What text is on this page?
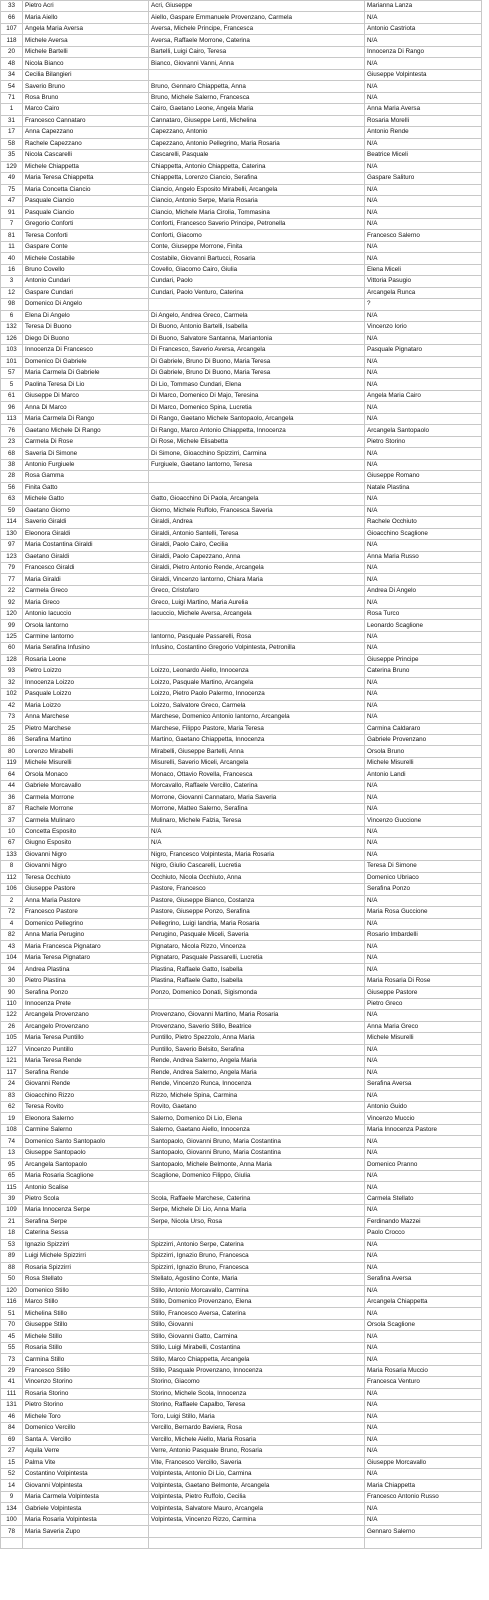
33	Pietro Acri	Acri, Giuseppe	Marianna Lanza
66	Maria Aiello	Aiello, Gaspare Emmanuele Provenzano, Carmela	N/A
107	Angela Maria Aversa	Aversa, Michele Principe, Francesca	Antonio Castriota
118	Michele Aversa	Aversa, Raffaele Morrone, Caterina	N/A
20	Michele Bartelli	Bartelli, Luigi Cairo, Teresa	Innocenza Di Rango
48	Nicola Bianco	Bianco, Giovanni Vanni, Anna	N/A
34	Cecilia Bilangieri		Giuseppe Volpintesta
54	Saverio Bruno	Bruno, Gennaro Chiappetta, Anna	N/A
71	Rosa Bruno	Bruno, Michele Salerno, Francesca	N/A
1	Marco Cairo	Cairo, Gaetano Leone, Angela Maria	Anna Maria Aversa
31	Francesco Cannataro	Cannataro, Giuseppe Lenti, Michelina	Rosaria Morelli
17	Anna Capezzano	Capezzano, Antonio	Antonio Rende
58	Rachele Capezzano	Capezzano, Antonio Pellegrino, Maria Rosaria	N/A
35	Nicola Cascarelli	Cascarelli, Pasquale	Beatrice Miceli
129	Michele Chiappetta	Chiappetta, Antonio Chiappetta, Caterina	N/A
49	Maria Teresa Chiappetta	Chiappetta, Lorenzo Ciancio, Serafina	Gaspare Salituro
75	Maria Concetta Ciancio	Ciancio, Angelo Esposito Mirabelli, Arcangela	N/A
47	Pasquale Ciancio	Ciancio, Antonio Serpe, Maria Rosaria	N/A
91	Pasquale Ciancio	Ciancio, Michele Maria Cirolia, Tommasina	N/A
7	Gregorio Conforti	Conforti, Francesco Saverio Principe, Petronella	N/A
81	Teresa Conforti	Conforti, Giacomo	Francesco Salerno
11	Gaspare Conte	Conte, Giuseppe Morrone, Finita	N/A
40	Michele Costabile	Costabile, Giovanni Bartucci, Rosaria	N/A
16	Bruno Covello	Covello, Giacomo Cairo, Giulia	Elena Miceli
3	Antonio Cundari	Cundari, Paolo	Vittoria Pasugio
12	Gaspare Cundari	Cundari, Paolo Venturo, Caterina	Arcangela Runca
98	Domenico Di Angelo		?
6	Elena Di Angelo	Di Angelo, Andrea Greco, Carmela	N/A
132	Teresa Di Buono	Di Buono, Antonio Bartelli, Isabella	Vincenzo Iorio
126	Diego Di Buono	Di Buono, Salvatore Santanna, Mariantonia	N/A
103	Innocenza Di Francesco	Di Francesco, Saverio Aversa, Arcangela	Pasquale Pignataro
101	Domenico Di Gabriele	Di Gabriele, Bruno Di Buono, Maria Teresa	N/A
57	Maria Carmela Di Gabriele	Di Gabriele, Bruno Di Buono, Maria Teresa	N/A
5	Paolina Teresa Di Lio	Di Lio, Tommaso Cundari, Elena	N/A
61	Giuseppe Di Marco	Di Marco, Domenico Di Majo, Teresina	Angela Maria Cairo
96	Anna Di Marco	Di Marco, Domenico Spina, Lucretia	N/A
113	Maria Carmela Di Rango	Di Rango, Gaetano Michele Santopaolo, Arcangela	N/A
76	Gaetano Michele Di Rango	Di Rango, Marco Antonio Chiappetta, Innocenza	Arcangela Santopaolo
23	Carmela Di Rose	Di Rose, Michele Elisabetta	Pietro Storino
68	Saveria Di Simone	Di Simone, Gioacchino Spizzirri, Carmina	N/A
38	Antonio Furgiuele	Furgiuele, Gaetano Iantorno, Teresa	N/A
28	Rosa Gamma		Giuseppe Romano
56	Finita Gatto		Natale Plastina
63	Michele Gatto	Gatto, Gioacchino Di Paola, Arcangela	N/A
59	Gaetano Giorno	Giorno, Michele Ruffolo, Francesca Saveria	N/A
114	Saverio Giraldi	Giraldi, Andrea	Rachele Occhiuto
130	Eleonora Giraldi	Giraldi, Antonio Santelli, Teresa	Gioacchino Scaglione
97	Maria Costantina Giraldi	Giraldi, Paolo Cairo, Cecilia	N/A
123	Gaetano Giraldi	Giraldi, Paolo Capezzano, Anna	Anna Maria Russo
79	Francesco Giraldi	Giraldi, Pietro Antonio Rende, Arcangela	N/A
77	Maria Giraldi	Giraldi, Vincenzo Iantorno, Chiara Maria	N/A
22	Carmela Greco	Greco, Cristofaro	Andrea Di Angelo
92	Maria Greco	Greco, Luigi Martino, Maria Aurelia	N/A
120	Antonio Iacuccio	Iacuccio, Michele Aversa, Arcangela	Rosa Turco
99	Orsola Iantorno		Leonardo Scaglione
125	Carmine Iantorno	Iantorno, Pasquale Passarelli, Rosa	N/A
60	Maria Serafina Infusino	Infusino, Costantino Gregorio Volpintesta, Petronilla	N/A
128	Rosaria Leone		Giuseppe Principe
93	Pietro Loizzo	Loizzo, Leonardo Aiello, Innocenza	Caterina Bruno
32	Innocenza Loizzo	Loizzo, Pasquale Martino, Arcangela	N/A
102	Pasquale Loizzo	Loizzo, Pietro Paolo Palermo, Innocenza	N/A
42	Maria Loizzo	Loizzo, Salvatore Greco, Carmela	N/A
73	Anna Marchese	Marchese, Domenico Antonio Iantorno, Arcangela	N/A
25	Pietro Marchese	Marchese, Filippo Pastore, Maria Teresa	Carmina Caldararo
86	Serafina Martino	Martino, Gaetano Chiappetta, Innocenza	Gabriele Provenzano
80	Lorenzo Mirabelli	Mirabelli, Giuseppe Bartelli, Anna	Orsola Bruno
119	Michele Misurelli	Misurelli, Saverio Miceli, Arcangela	Michele Misurelli
64	Orsola Monaco	Monaco, Ottavio Rovella, Francesca	Antonio Landi
44	Gabriele Morcavallo	Morcavallo, Raffaele Vercillo, Caterina	N/A
36	Carmela Morrone	Morrone, Giovanni Cannataro, Maria Saveria	N/A
87	Rachele Morrone	Morrone, Matteo Salerno, Serafina	N/A
37	Carmela Mulinaro	Mulinaro, Michele Falzia, Teresa	Vincenzo Guccione
10	Concetta Esposito	N/A	N/A
67	Giugno Esposito	N/A	N/A
133	Giovanni Nigro	Nigro, Francesco Volpintesta, Maria Rosaria	N/A
8	Giovanni Nigro	Nigro, Giulio Cascarelli, Lucretia	Teresa Di Simone
112	Teresa Occhiuto	Occhiuto, Nicola Occhiuto, Anna	Domenico Ubriaco
106	Giuseppe Pastore	Pastore, Francesco	Serafina Ponzo
2	Anna Maria Pastore	Pastore, Giuseppe Bianco, Costanza	N/A
72	Francesco Pastore	Pastore, Giuseppe Ponzo, Serafina	Maria Rosa Guccione
4	Domenico Pellegrino	Pellegrino, Luigi Iandria, Maria Rosaria	N/A
82	Anna Maria Perugino	Perugino, Pasquale Miceli, Saveria	Rosario Imbardelli
43	Maria Francesca Pignataro	Pignataro, Nicola Rizzo, Vincenza	N/A
104	Maria Teresa Pignataro	Pignataro, Pasquale Passarelli, Lucretia	N/A
94	Andrea Plastina	Plastina, Raffaele Gatto, Isabella	N/A
30	Pietro Plastina	Plastina, Raffaele Gatto, Isabella	Maria Rosaria Di Rose
90	Serafina Ponzo	Ponzo, Domenico Donati, Sigismonda	Giuseppe Pastore
110	Innocenza Prete		Pietro Greco
122	Arcangela Provenzano	Provenzano, Giovanni Martino, Maria Rosaria	N/A
26	Arcangelo Provenzano	Provenzano, Saverio Stillo, Beatrice	Anna Maria Greco
105	Maria Teresa Puntillo	Puntillo, Pietro Spezzolo, Anna Maria	Michele Misurelli
127	Vincenzo Puntillo	Puntillo, Saverio Belsito, Serafina	N/A
121	Maria Teresa Rende	Rende, Andrea Salerno, Angela Maria	N/A
117	Serafina Rende	Rende, Andrea Salerno, Angela Maria	N/A
24	Giovanni Rende	Rende, Vincenzo Runca, Innocenza	Serafina Aversa
83	Gioacchino Rizzo	Rizzo, Michele Spina, Carmina	N/A
62	Teresa Rovito	Rovito, Gaetano	Antonio Guido
19	Eleonora Salerno	Salerno, Domenico Di Lio, Elena	Vincenzo Muccio
108	Carmine Salerno	Salerno, Gaetano Aiello, Innocenza	Maria Innocenza Pastore
74	Domenico Santo Santopaolo	Santopaolo, Giovanni Bruno, Maria Costantina	N/A
13	Giuseppe Santopaolo	Santopaolo, Giovanni Bruno, Maria Costantina	N/A
95	Arcangela Santopaolo	Santopaolo, Michele Belmonte, Anna Maria	Domenico Pranno
65	Maria Rosaria Scaglione	Scaglione, Domenico Filippo, Giulia	N/A
115	Antonio Scalise		N/A
39	Pietro Scola	Scola, Raffaele Marchese, Caterina	Carmela Stellato
109	Maria Innocenza Serpe	Serpe, Michele Di Lio, Anna Maria	N/A
21	Serafina Serpe	Serpe, Nicola Urso, Rosa	Ferdinando Mazzei
18	Caterina Sessa		Paolo Crocco
53	Ignazio Spizzirri	Spizzirri, Antonio Serpe, Caterina	N/A
89	Luigi Michele Spizzirri	Spizzirri, Ignazio Bruno, Francesca	N/A
88	Rosaria Spizzirri	Spizzirri, Ignazio Bruno, Francesca	N/A
50	Rosa Stellato	Stellato, Agostino Conte, Maria	Serafina Aversa
120	Domenico Stillo	Stillo, Antonio Morcavallo, Carmina	N/A
116	Marco Stillo	Stillo, Domenico Provenzano, Elena	Arcangela Chiappetta
51	Michelina Stillo	Stillo, Francesco Aversa, Caterina	N/A
70	Giuseppe Stillo	Stillo, Giovanni	Orsola Scaglione
45	Michele Stillo	Stillo, Giovanni Gatto, Carmina	N/A
55	Rosaria Stillo	Stillo, Luigi Mirabelli, Costantina	N/A
73	Carmina Stillo	Stillo, Marco Chiappetta, Arcangela	N/A
29	Francesco Stillo	Stillo, Pasquale Provenzano, Innocenza	Maria Rosaria Muccio
41	Vincenzo Storino	Storino, Giacomo	Francesca Venturo
111	Rosaria Storino	Storino, Michele Scola, Innocenza	N/A
131	Pietro Storino	Storino, Raffaele Capalbo, Teresa	N/A
46	Michele Toro	Toro, Luigi Stillo, Maria	N/A
84	Domenico Vercillo	Vercillo, Bernardo Baviera, Rosa	N/A
69	Santa A. Vercillo	Vercillo, Michele Aiello, Maria Rosaria	N/A
27	Aquila Verre	Verre, Antonio Pasquale Bruno, Rosaria	N/A
15	Palma Vite	Vite, Francesco Vercillo, Saveria	Giuseppe Morcavallo
52	Costantino Volpintesta	Volpintesta, Antonio Di Lio, Carmina	N/A
14	Giovanni Volpintesta	Volpintesta, Gaetano Belmonte, Arcangela	Maria Chiappetta
9	Maria Carmela Volpintesta	Volpintesta, Pietro Ruffolo, Cecilia	Francesco Antonio Russo
134	Gabriele Volpintesta	Volpintesta, Salvatore Mauro, Arcangela	N/A
100	Maria Rosaria Volpintesta	Volpintesta, Vincenzo Rizzo, Carmina	N/A
78	Maria Saveria Zupo		Gennaro Salerno
